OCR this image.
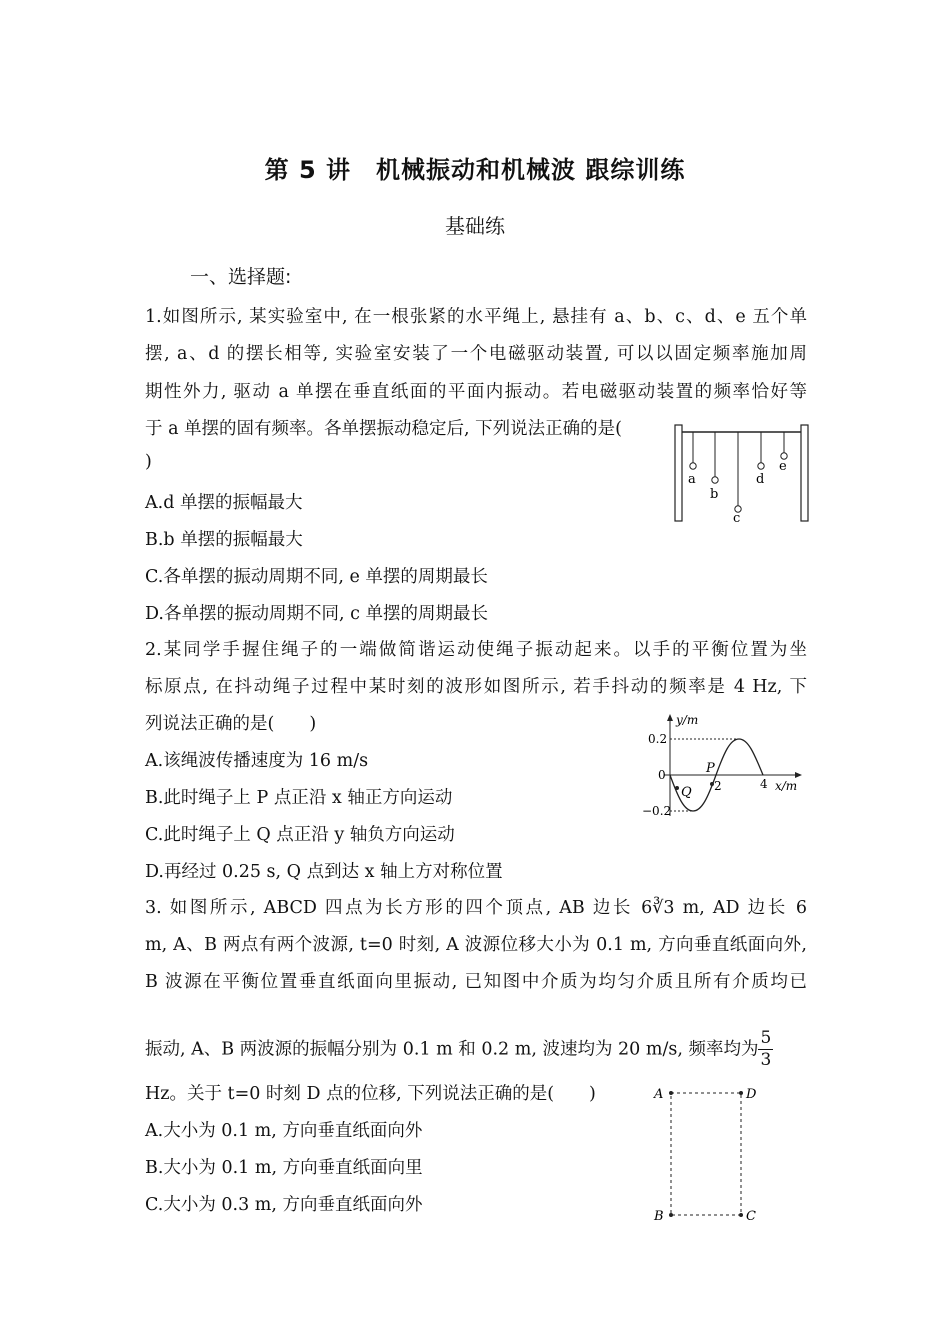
第 5 讲　机械振动和机械波 跟综训练
基础练
一、选择题:
1.如图所示, 某实验室中, 在一根张紧的水平绳上, 悬挂有 a、b、c、d、e 五个单
摆, a、d 的摆长相等, 实验室安装了一个电磁驱动装置, 可以以固定频率施加周
期性外力, 驱动 a 单摆在垂直纸面的平面内振动。若电磁驱动装置的频率恰好等
于 a 单摆的固有频率。各单摆振动稳定后, 下列说法正确的是(
)
A.d 单摆的振幅最大
B.b 单摆的振幅最大
C.各单摆的振动周期不同, e 单摆的周期最长
D.各单摆的振动周期不同, c 单摆的周期最长
a
b
c
d
e
2.某同学手握住绳子的一端做简谐运动使绳子振动起来。以手的平衡位置为坐
标原点, 在抖动绳子过程中某时刻的波形如图所示, 若手抖动的频率是 4 Hz, 下
列说法正确的是(　　)
A.该绳波传播速度为 16 m/s
B.此时绳子上 P 点正沿 x 轴正方向运动
C.此时绳子上 Q 点正沿 y 轴负方向运动
D.再经过 0.25 s, Q 点到达 x 轴上方对称位置
y/m
x/m
0.2
0
−0.2
2	4
P
Q
3. 如图所示, ABCD 四点为长方形的四个顶点, AB 边长 6∛3 m, AD 边长 6
m, A、B 两点有两个波源, t=0 时刻, A 波源位移大小为 0.1 m, 方向垂直纸面向外,
B 波源在平衡位置垂直纸面向里振动, 已知图中介质为均匀介质且所有介质均已
振动, A、B 两波源的振幅分别为 0.1 m 和 0.2 m, 波速均为 20 m/s, 频率均为 $\frac{5}{3}$
Hz。关于 t=0 时刻 D 点的位移, 下列说法正确的是(　　)
A.大小为 0.1 m, 方向垂直纸面向外
B.大小为 0.1 m, 方向垂直纸面向里
C.大小为 0.3 m, 方向垂直纸面向外
A
B	C
D
